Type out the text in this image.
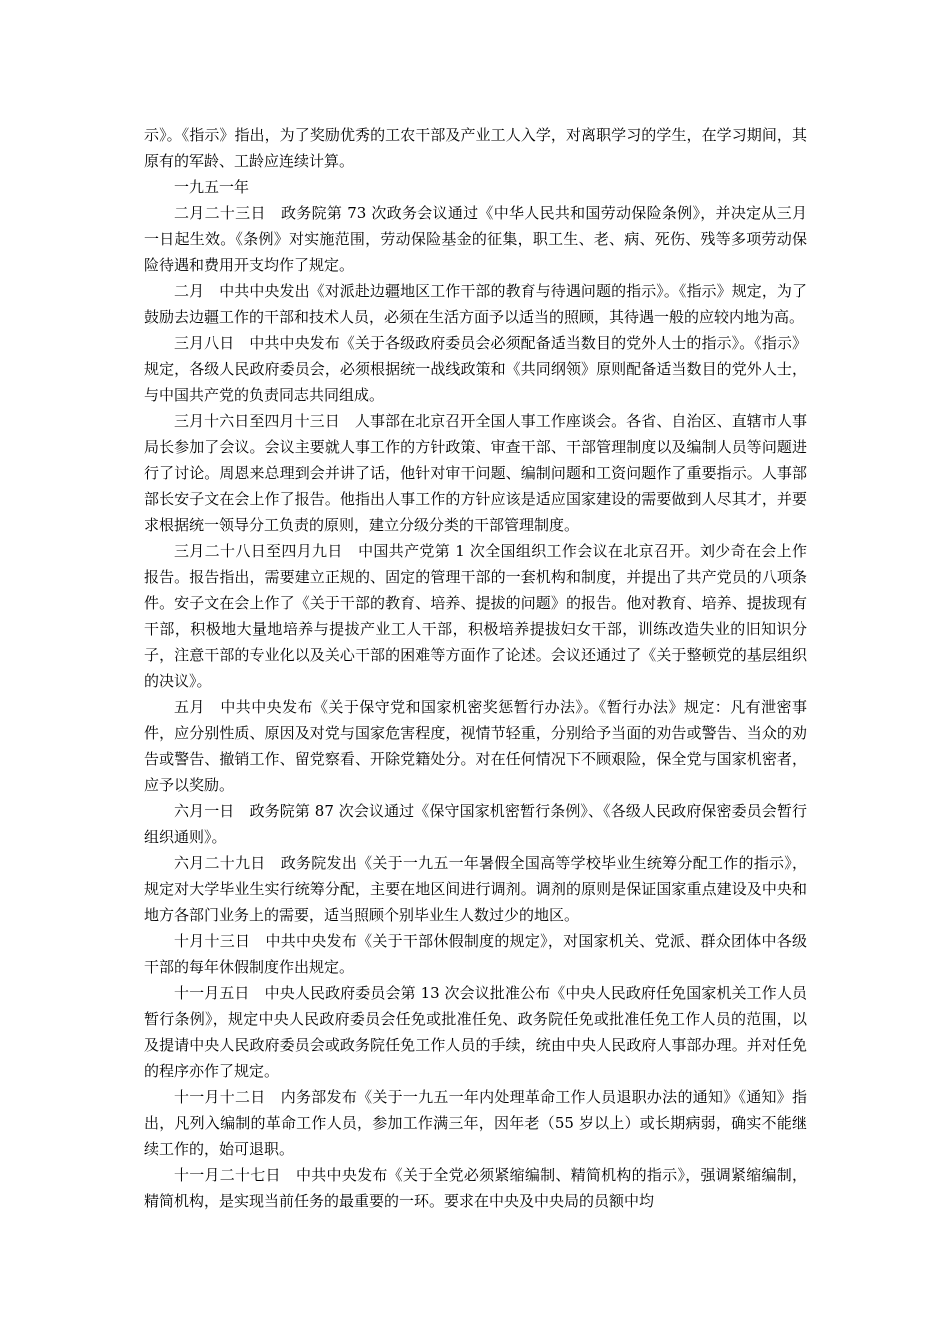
示》。《指示》指出，为了奖励优秀的工农干部及产业工人入学，对离职学习的学生，在学习期间，其原有的军龄、工龄应连续计算。

一九五一年

二月二十三日　政务院第 73 次政务会议通过《中华人民共和国劳动保险条例》，并决定从三月一日起生效。《条例》对实施范围，劳动保险基金的征集，职工生、老、病、死伤、残等多项劳动保险待遇和费用开支均作了规定。

二月　中共中央发出《对派赴边疆地区工作干部的教育与待遇问题的指示》。《指示》规定，为了鼓励去边疆工作的干部和技术人员，必须在生活方面予以适当的照顾，其待遇一般的应较内地为高。

三月八日　中共中央发布《关于各级政府委员会必须配备适当数目的党外人士的指示》。《指示》规定，各级人民政府委员会，必须根据统一战线政策和《共同纲领》原则配备适当数目的党外人士，与中国共产党的负责同志共同组成。

三月十六日至四月十三日　人事部在北京召开全国人事工作座谈会。各省、自治区、直辖市人事局长参加了会议。会议主要就人事工作的方针政策、审查干部、干部管理制度以及编制人员等问题进行了讨论。周恩来总理到会并讲了话，他针对审干问题、编制问题和工资问题作了重要指示。人事部部长安子文在会上作了报告。他指出人事工作的方针应该是适应国家建设的需要做到人尽其才，并要求根据统一领导分工负责的原则，建立分级分类的干部管理制度。

三月二十八日至四月九日　中国共产党第 1 次全国组织工作会议在北京召开。刘少奇在会上作报告。报告指出，需要建立正规的、固定的管理干部的一套机构和制度，并提出了共产党员的八项条件。安子文在会上作了《关于干部的教育、培养、提拔的问题》的报告。他对教育、培养、提拔现有干部，积极地大量地培养与提拔产业工人干部，积极培养提拔妇女干部，训练改造失业的旧知识分子，注意干部的专业化以及关心干部的困难等方面作了论述。会议还通过了《关于整顿党的基层组织的决议》。

五月　中共中央发布《关于保守党和国家机密奖惩暂行办法》。《暂行办法》规定：凡有泄密事件，应分别性质、原因及对党与国家危害程度，视情节轻重，分别给予当面的劝告或警告、当众的劝告或警告、撤销工作、留党察看、开除党籍处分。对在任何情况下不顾艰险，保全党与国家机密者，应予以奖励。

六月一日　政务院第 87 次会议通过《保守国家机密暂行条例》、《各级人民政府保密委员会暂行组织通则》。

六月二十九日　政务院发出《关于一九五一年暑假全国高等学校毕业生统筹分配工作的指示》，规定对大学毕业生实行统筹分配，主要在地区间进行调剂。调剂的原则是保证国家重点建设及中央和地方各部门业务上的需要，适当照顾个别毕业生人数过少的地区。

十月十三日　中共中央发布《关于干部休假制度的规定》，对国家机关、党派、群众团体中各级干部的每年休假制度作出规定。

十一月五日　中央人民政府委员会第 13 次会议批准公布《中央人民政府任免国家机关工作人员暂行条例》，规定中央人民政府委员会任免或批准任免、政务院任免或批准任免工作人员的范围，以及提请中央人民政府委员会或政务院任免工作人员的手续，统由中央人民政府人事部办理。并对任免的程序亦作了规定。

十一月十二日　内务部发布《关于一九五一年内处理革命工作人员退职办法的通知》《通知》指出，凡列入编制的革命工作人员，参加工作满三年，因年老（55 岁以上）或长期病弱，确实不能继续工作的，始可退职。

十一月二十七日　中共中央发布《关于全党必须紧缩编制、精简机构的指示》，强调紧缩编制，精简机构，是实现当前任务的最重要的一环。要求在中央及中央局的员额中均
